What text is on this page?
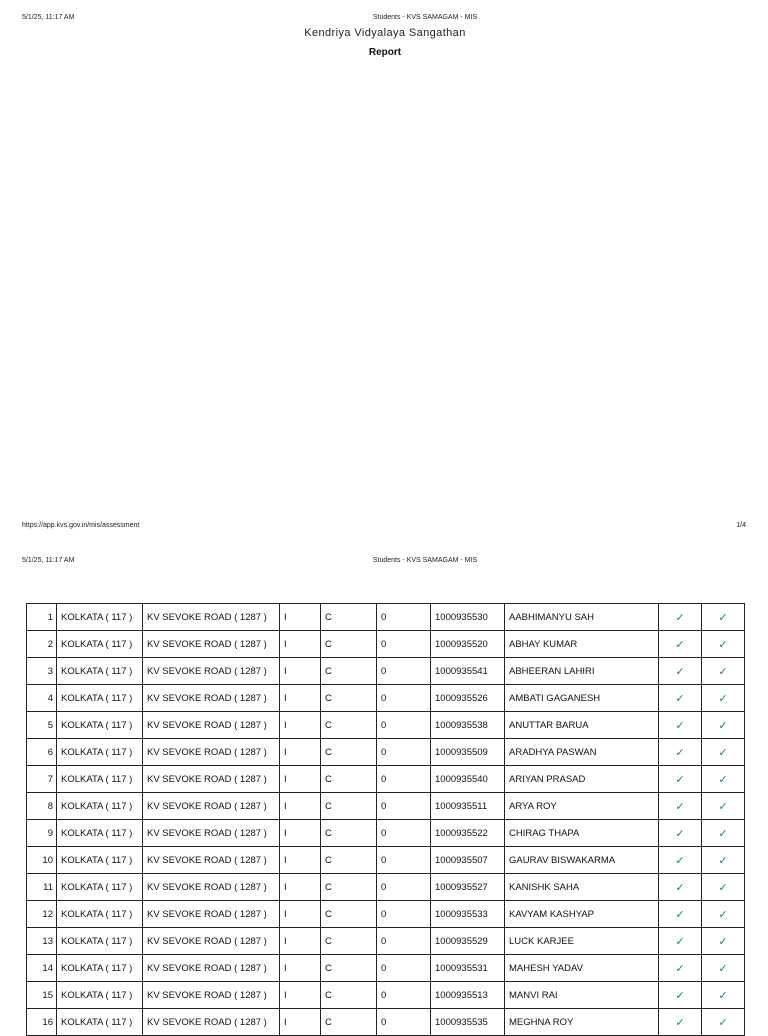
5/1/25, 11:17 AM	Students - KVS SAMAGAM - MIS
Kendriya Vidyalaya Sangathan
Report
https://app.kvs.gov.in/mis/assessment	1/4
5/1/25, 11:17 AM	Students - KVS SAMAGAM - MIS
1	KOLKATA ( 117 )	KV SEVOKE ROAD ( 1287 )	I	C	0	1000935530	AABHIMANYU SAH	✓	✓
2	KOLKATA ( 117 )	KV SEVOKE ROAD ( 1287 )	I	C	0	1000935520	ABHAY KUMAR	✓	✓
3	KOLKATA ( 117 )	KV SEVOKE ROAD ( 1287 )	I	C	0	1000935541	ABHEERAN LAHIRI	✓	✓
4	KOLKATA ( 117 )	KV SEVOKE ROAD ( 1287 )	I	C	0	1000935526	AMBATI GAGANESH	✓	✓
5	KOLKATA ( 117 )	KV SEVOKE ROAD ( 1287 )	I	C	0	1000935538	ANUTTAR BARUA	✓	✓
6	KOLKATA ( 117 )	KV SEVOKE ROAD ( 1287 )	I	C	0	1000935509	ARADHYA PASWAN	✓	✓
7	KOLKATA ( 117 )	KV SEVOKE ROAD ( 1287 )	I	C	0	1000935540	ARIYAN PRASAD	✓	✓
8	KOLKATA ( 117 )	KV SEVOKE ROAD ( 1287 )	I	C	0	1000935511	ARYA ROY	✓	✓
9	KOLKATA ( 117 )	KV SEVOKE ROAD ( 1287 )	I	C	0	1000935522	CHIRAG THAPA	✓	✓
10	KOLKATA ( 117 )	KV SEVOKE ROAD ( 1287 )	I	C	0	1000935507	GAURAV BISWAKARMA	✓	✓
11	KOLKATA ( 117 )	KV SEVOKE ROAD ( 1287 )	I	C	0	1000935527	KANISHK SAHA	✓	✓
12	KOLKATA ( 117 )	KV SEVOKE ROAD ( 1287 )	I	C	0	1000935533	KAVYAM KASHYAP	✓	✓
13	KOLKATA ( 117 )	KV SEVOKE ROAD ( 1287 )	I	C	0	1000935529	LUCK KARJEE	✓	✓
14	KOLKATA ( 117 )	KV SEVOKE ROAD ( 1287 )	I	C	0	1000935531	MAHESH YADAV	✓	✓
15	KOLKATA ( 117 )	KV SEVOKE ROAD ( 1287 )	I	C	0	1000935513	MANVI RAI	✓	✓
16	KOLKATA ( 117 )	KV SEVOKE ROAD ( 1287 )	I	C	0	1000935535	MEGHNA ROY	✓	✓
